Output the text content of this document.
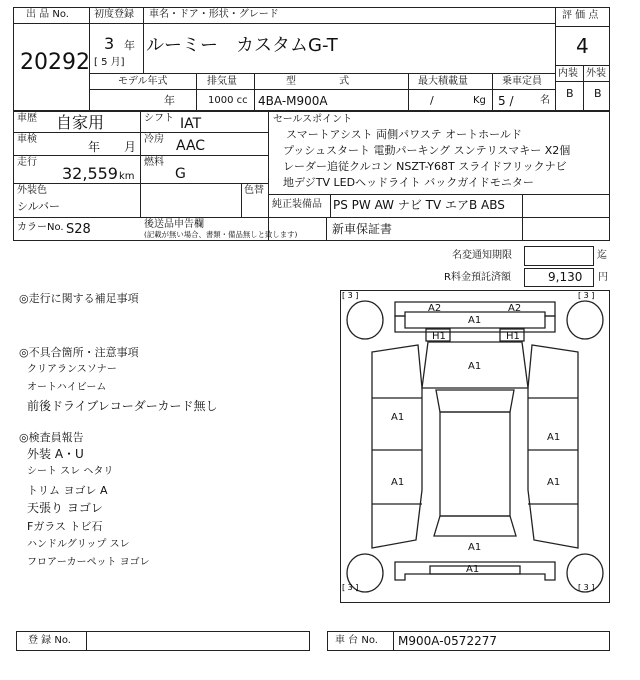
出 品 No.
20292
初度登録
3 年
[ 5 月]
車名・ドア・形状・グレード
ルーミー カスタムG-T
評 価 点
4
内装 外装
B B
モデル年式
年
排気量
1000 cc
型 式
4BA-M900A
最大積載量
/	Kg
乗車定員
5 /	名
車歴 自家用	シフト IAT
車検
年 月
冷房 AAC
走行
32,559 km
燃料
G
外装色
シルバー
色替
カラーNo. S28	後送品申告欄
(記載が無い場合、書類・備品無しと致します)
セールスポイント
スマートアシスト 両側パワステ オートホールド
プッシュスタート 電動パーキング スンテリスマキー X2個
レーダー追従クルコン NSZT-Y68T スライドフリックナビ
地デジTV LEDヘッドライト バックガイドモニター
純正装備品 PS PW AW ナビ TV エアB ABS
新車保証書
名変通知期限	迄
R料金預託済額	9,130 円
◎走行に関する補足事項
◎不具合箇所・注意事項
クリアランスソナー
オートハイビーム
前後ドライブレコーダーカード無し
◎検査員報告
外装 A・U
シート スレ ヘタリ
トリム ヨゴレ A
天張り ヨゴレ
Fガラス トビ石
ハンドルグリップ スレ
フロアーカーペット ヨゴレ
[ 3 ]	[ 3 ]
[ 3 ]	[ 3 ]
A2	A2
A1
H1	H1
A1
A1
A1
A1	A1
A1
A1
登 録 No.	車 台 No. M900A-0572277
